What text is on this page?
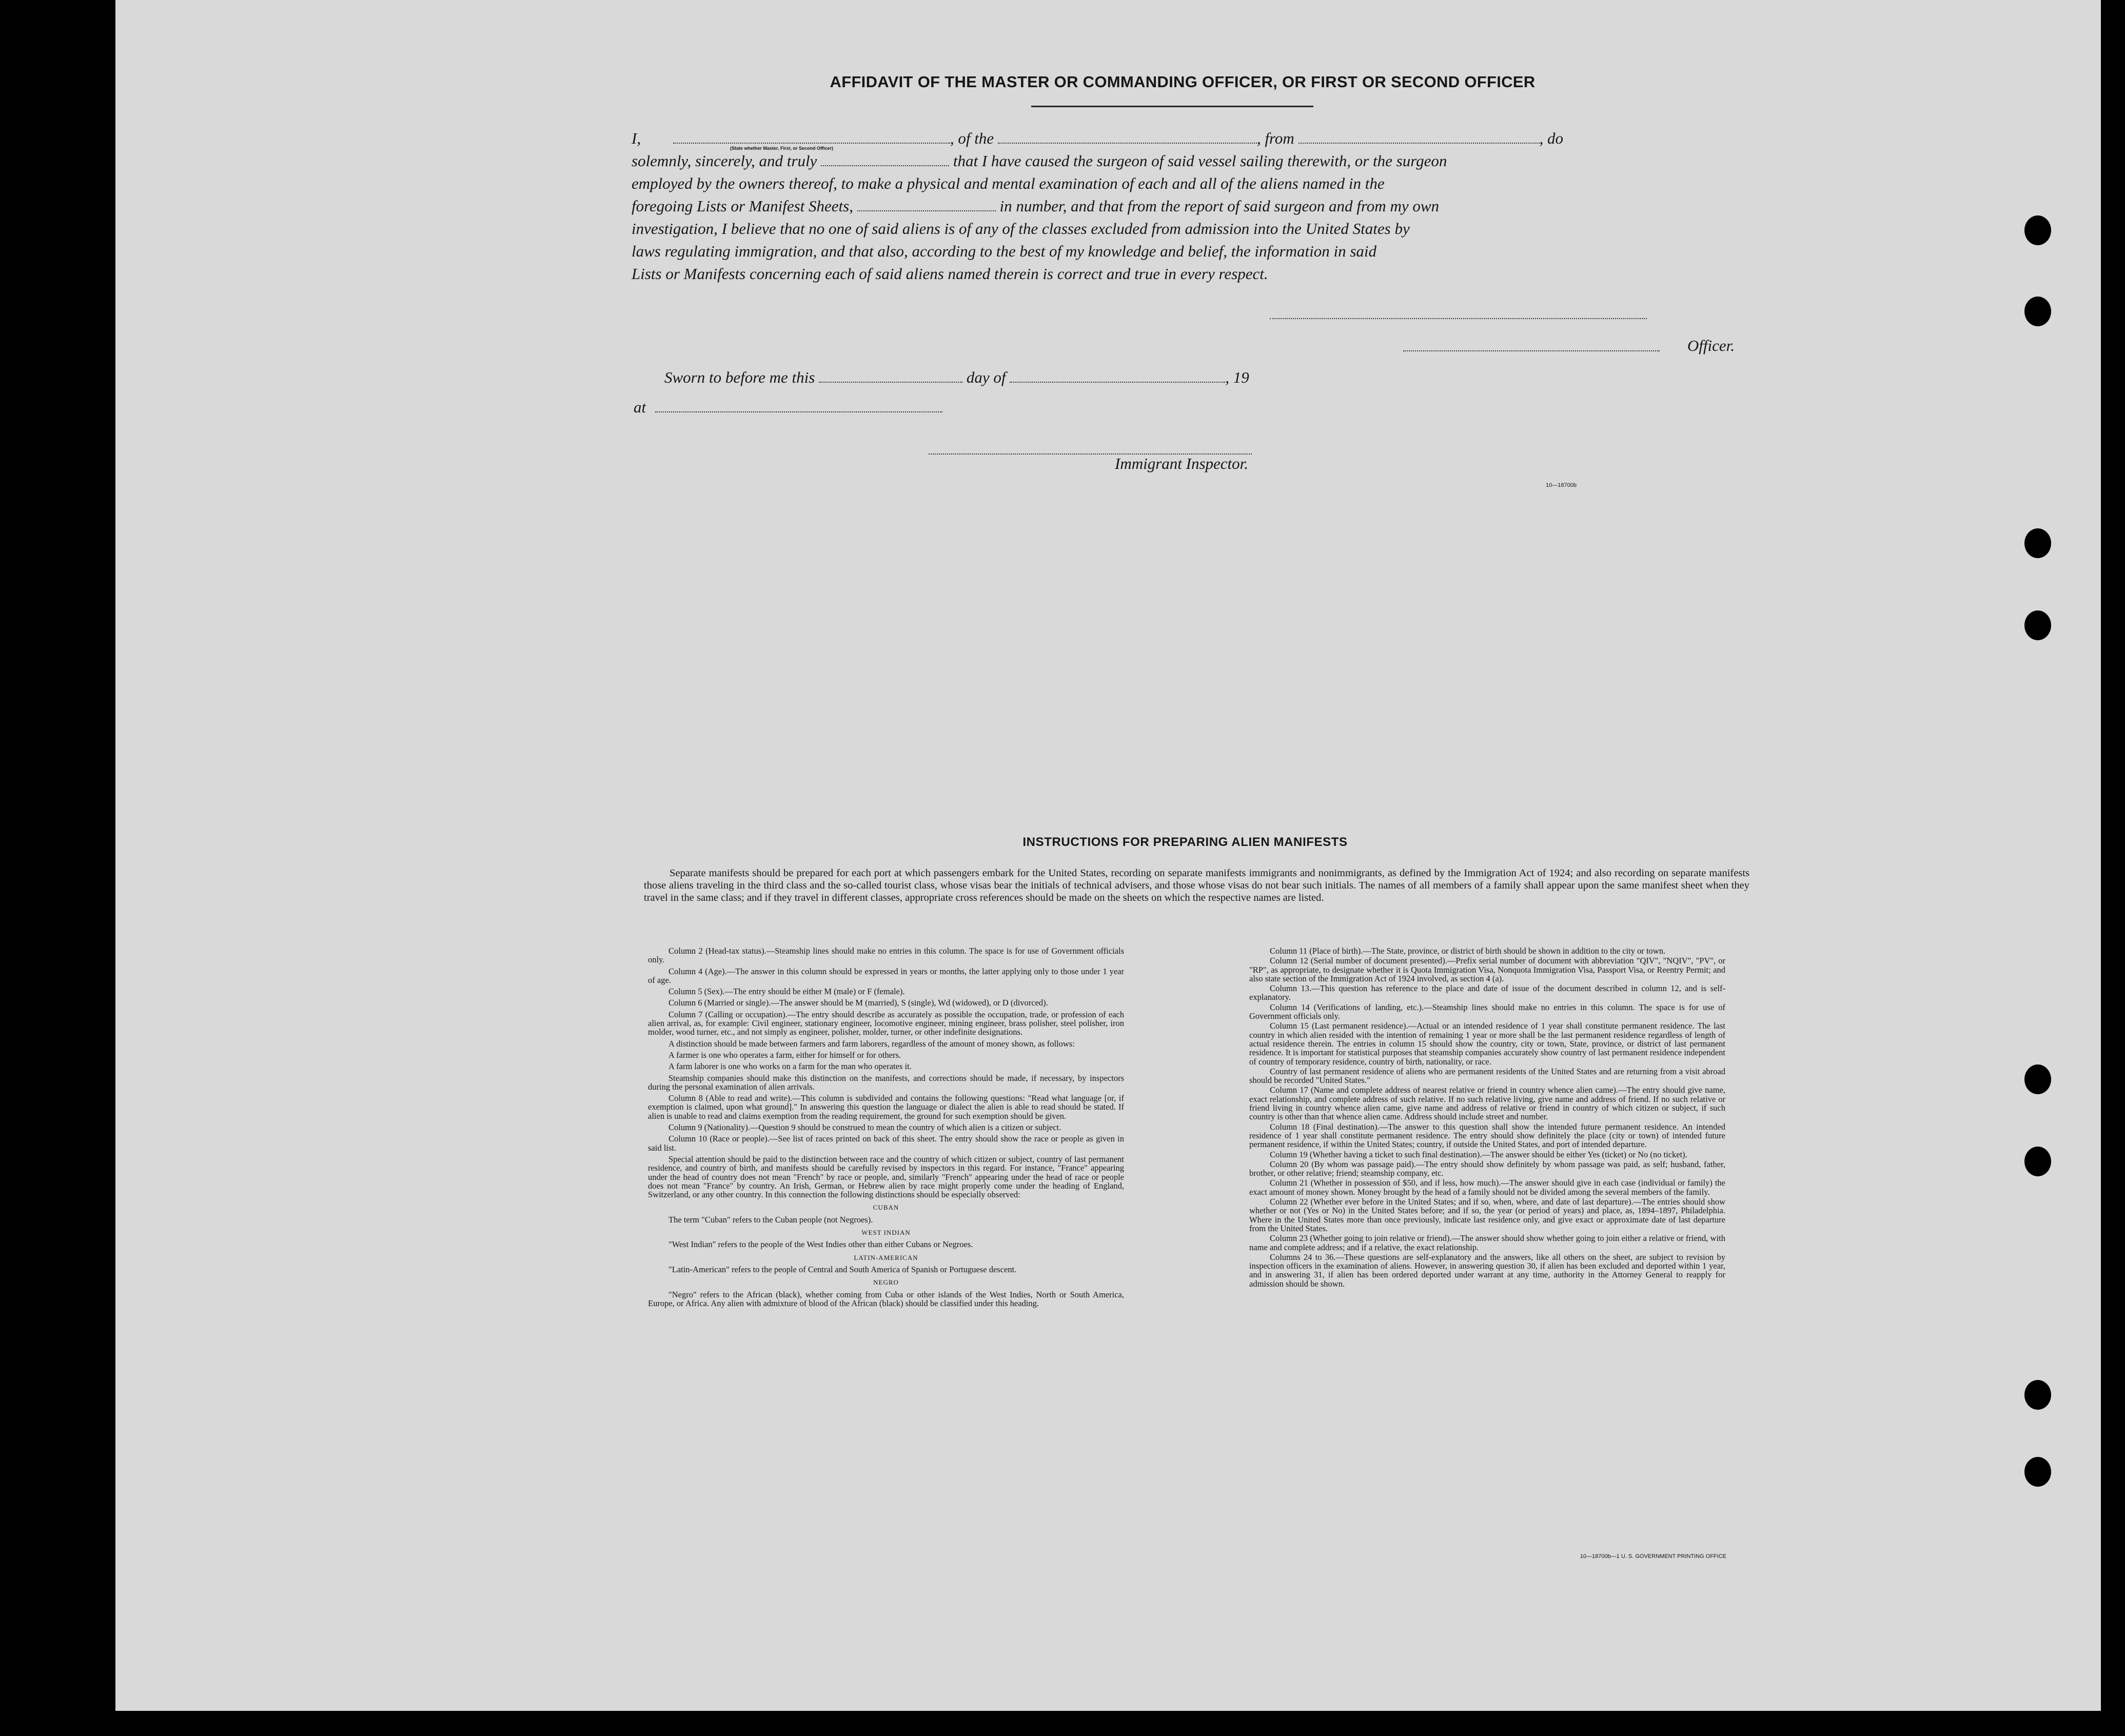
AFFIDAVIT OF THE MASTER OR COMMANDING OFFICER, OR FIRST OR SECOND OFFICER
I,	, of the	, from	, do
(State whether Master, First, or Second Officer)
solemnly, sincerely, and truly	that I have caused the surgeon of said vessel sailing therewith, or the surgeon
employed by the owners thereof, to make a physical and mental examination of each and all of the aliens named in the
foregoing Lists or Manifest Sheets,	in number, and that from the report of said surgeon and from my own
investigation, I believe that no one of said aliens is of any of the classes excluded from admission into the United States by
laws regulating immigration, and that also, according to the best of my knowledge and belief, the information in said
Lists or Manifests concerning each of said aliens named therein is correct and true in every respect.
Officer.
Sworn to before me this	day of	, 19
at
Immigrant Inspector.
10—18700b
INSTRUCTIONS FOR PREPARING ALIEN MANIFESTS

Separate manifests should be prepared for each port at which passengers embark for the United States, recording on separate manifests immigrants and nonimmigrants, as defined by the Immigration Act of 1924; and also recording on separate manifests those aliens traveling in the third class and the so-called tourist class, whose visas bear the initials of technical advisers, and those whose visas do not bear such initials. The names of all members of a family shall appear upon the same manifest sheet when they travel in the same class; and if they travel in different classes, appropriate cross references should be made on the sheets on which the respective names are listed.

Column 2 (Head-tax status).—Steamship lines should make no entries in this column. The space is for use of Government officials only.

Column 4 (Age).—The answer in this column should be expressed in years or months, the latter applying only to those under 1 year of age.

Column 5 (Sex).—The entry should be either M (male) or F (female).

Column 6 (Married or single).—The answer should be M (married), S (single), Wd (widowed), or D (divorced).

Column 7 (Calling or occupation).—The entry should describe as accurately as possible the occupation, trade, or profession of each alien arrival, as, for example: Civil engineer, stationary engineer, locomotive engineer, mining engineer, brass polisher, steel polisher, iron molder, wood turner, etc., and not simply as engineer, polisher, molder, turner, or other indefinite designations.

A distinction should be made between farmers and farm laborers, regardless of the amount of money shown, as follows:

A farmer is one who operates a farm, either for himself or for others.

A farm laborer is one who works on a farm for the man who operates it.

Steamship companies should make this distinction on the manifests, and corrections should be made, if necessary, by inspectors during the personal examination of alien arrivals.

Column 8 (Able to read and write).—This column is subdivided and contains the following questions: "Read what language [or, if exemption is claimed, upon what ground]." In answering this question the language or dialect the alien is able to read should be stated. If alien is unable to read and claims exemption from the reading requirement, the ground for such exemption should be given.

Column 9 (Nationality).—Question 9 should be construed to mean the country of which alien is a citizen or subject.

Column 10 (Race or people).—See list of races printed on back of this sheet. The entry should show the race or people as given in said list.

Special attention should be paid to the distinction between race and the country of which citizen or subject, country of last permanent residence, and country of birth, and manifests should be carefully revised by inspectors in this regard. For instance, "France" appearing under the head of country does not mean "French" by race or people, and, similarly "French" appearing under the head of race or people does not mean "France" by country. An Irish, German, or Hebrew alien by race might properly come under the heading of England, Switzerland, or any other country. In this connection the following distinctions should be especially observed:

CUBAN

The term "Cuban" refers to the Cuban people (not Negroes).

WEST INDIAN

"West Indian" refers to the people of the West Indies other than either Cubans or Negroes.

LATIN-AMERICAN

"Latin-American" refers to the people of Central and South America of Spanish or Portuguese descent.

NEGRO

"Negro" refers to the African (black), whether coming from Cuba or other islands of the West Indies, North or South America, Europe, or Africa. Any alien with admixture of blood of the African (black) should be classified under this heading.

Column 11 (Place of birth).—The State, province, or district of birth should be shown in addition to the city or town.

Column 12 (Serial number of document presented).—Prefix serial number of document with abbreviation "QIV", "NQIV", "PV", or "RP", as appropriate, to designate whether it is Quota Immigration Visa, Nonquota Immigration Visa, Passport Visa, or Reentry Permit; and also state section of the Immigration Act of 1924 involved, as section 4 (a).

Column 13.—This question has reference to the place and date of issue of the document described in column 12, and is self-explanatory.

Column 14 (Verifications of landing, etc.).—Steamship lines should make no entries in this column. The space is for use of Government officials only.

Column 15 (Last permanent residence).—Actual or an intended residence of 1 year shall constitute permanent residence. The last country in which alien resided with the intention of remaining 1 year or more shall be the last permanent residence regardless of length of actual residence therein. The entries in column 15 should show the country, city or town, State, province, or district of last permanent residence. It is important for statistical purposes that steamship companies accurately show country of last permanent residence independent of country of temporary residence, country of birth, nationality, or race.

Country of last permanent residence of aliens who are permanent residents of the United States and are returning from a visit abroad should be recorded "United States."

Column 17 (Name and complete address of nearest relative or friend in country whence alien came).—The entry should give name, exact relationship, and complete address of such relative. If no such relative living, give name and address of friend. If no such relative or friend living in country whence alien came, give name and address of relative or friend in country of which citizen or subject, if such country is other than that whence alien came. Address should include street and number.

Column 18 (Final destination).—The answer to this question shall show the intended future permanent residence. An intended residence of 1 year shall constitute permanent residence. The entry should show definitely the place (city or town) of intended future permanent residence, if within the United States; country, if outside the United States, and port of intended departure.

Column 19 (Whether having a ticket to such final destination).—The answer should be either Yes (ticket) or No (no ticket).

Column 20 (By whom was passage paid).—The entry should show definitely by whom passage was paid, as self; husband, father, brother, or other relative; friend; steamship company, etc.

Column 21 (Whether in possession of $50, and if less, how much).—The answer should give in each case (individual or family) the exact amount of money shown. Money brought by the head of a family should not be divided among the several members of the family.

Column 22 (Whether ever before in the United States; and if so, when, where, and date of last departure).—The entries should show whether or not (Yes or No) in the United States before; and if so, the year (or period of years) and place, as, 1894–1897, Philadelphia. Where in the United States more than once previously, indicate last residence only, and give exact or approximate date of last departure from the United States.

Column 23 (Whether going to join relative or friend).—The answer should show whether going to join either a relative or friend, with name and complete address; and if a relative, the exact relationship.

Columns 24 to 36.—These questions are self-explanatory and the answers, like all others on the sheet, are subject to revision by inspection officers in the examination of aliens. However, in answering question 30, if alien has been excluded and deported within 1 year, and in answering 31, if alien has been ordered deported under warrant at any time, authority in the Attorney General to reapply for admission should be shown.

10—18700b—1 U. S. GOVERNMENT PRINTING OFFICE
